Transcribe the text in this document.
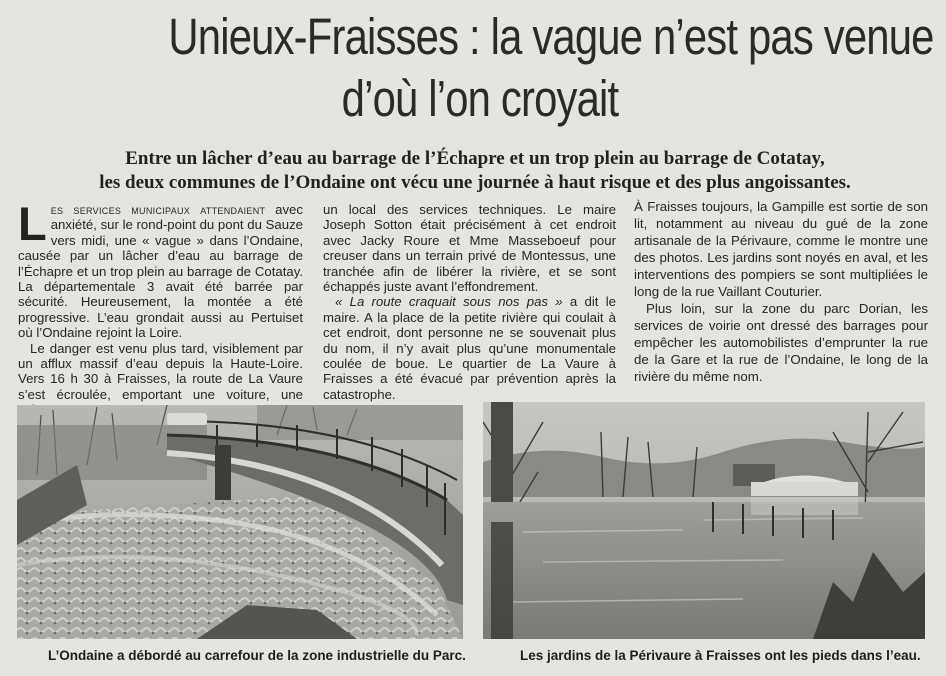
Unieux-Fraisses : la vague n’est pas venue
d’où l’on croyait
Entre un lâcher d’eau au barrage de l’Échapre et un trop plein au barrage de Cotatay,
les deux communes de l’Ondaine ont vécu une journée à haut risque et des plus angoissantes.

Les services municipaux attendaient avec anxiété, sur le rond-point du pont du Sauze vers midi, une « vague » dans l’Ondaine, causée par un lâcher d’eau au barrage de l’Échapre et un trop plein au barrage de Cotatay. La départementale 3 avait été barrée par sécurité. Heureusement, la montée a été progressive. L’eau grondait aussi au Pertuiset où l’Ondaine rejoint la Loire.

Le danger est venu plus tard, visiblement par un afflux massif d’eau depuis la Haute-Loire. Vers 16 h 30 à Fraisses, la route de La Vaure s’est écroulée, emportant une voiture, une

un local des services techniques. Le maire Joseph Sotton était précisément à cet endroit avec Jacky Roure et Mme Masseboeuf pour creuser dans un terrain privé de Montessus, une tranchée afin de libérer la rivière, et se sont échappés juste avant l’effondrement.

« La route craquait sous nos pas » a dit le maire. A la place de la petite rivière qui coulait à cet endroit, dont personne ne se souvenait plus du nom, il n’y avait plus qu’une monumentale coulée de boue. Le quartier de La Vaure à Fraisses a été évacué par prévention après la catastrophe.

À Fraisses toujours, la Gampille est sortie de son lit, notamment au niveau du gué de la zone artisanale de la Périvaure, comme le montre une des photos. Les jardins sont noyés en aval, et les interventions des pompiers se sont multipliées le long de la rue Vaillant Couturier.

Plus loin, sur la zone du parc Dorian, les services de voirie ont dressé des barrages pour empêcher les automobilistes d’emprunter la rue de la Gare et la rue de l’Ondaine, le long de la rivière du même nom.

L’Ondaine a débordé au carrefour de la zone industrielle du Parc.	Les jardins de la Périvaure à Fraisses ont les pieds dans l’eau.
